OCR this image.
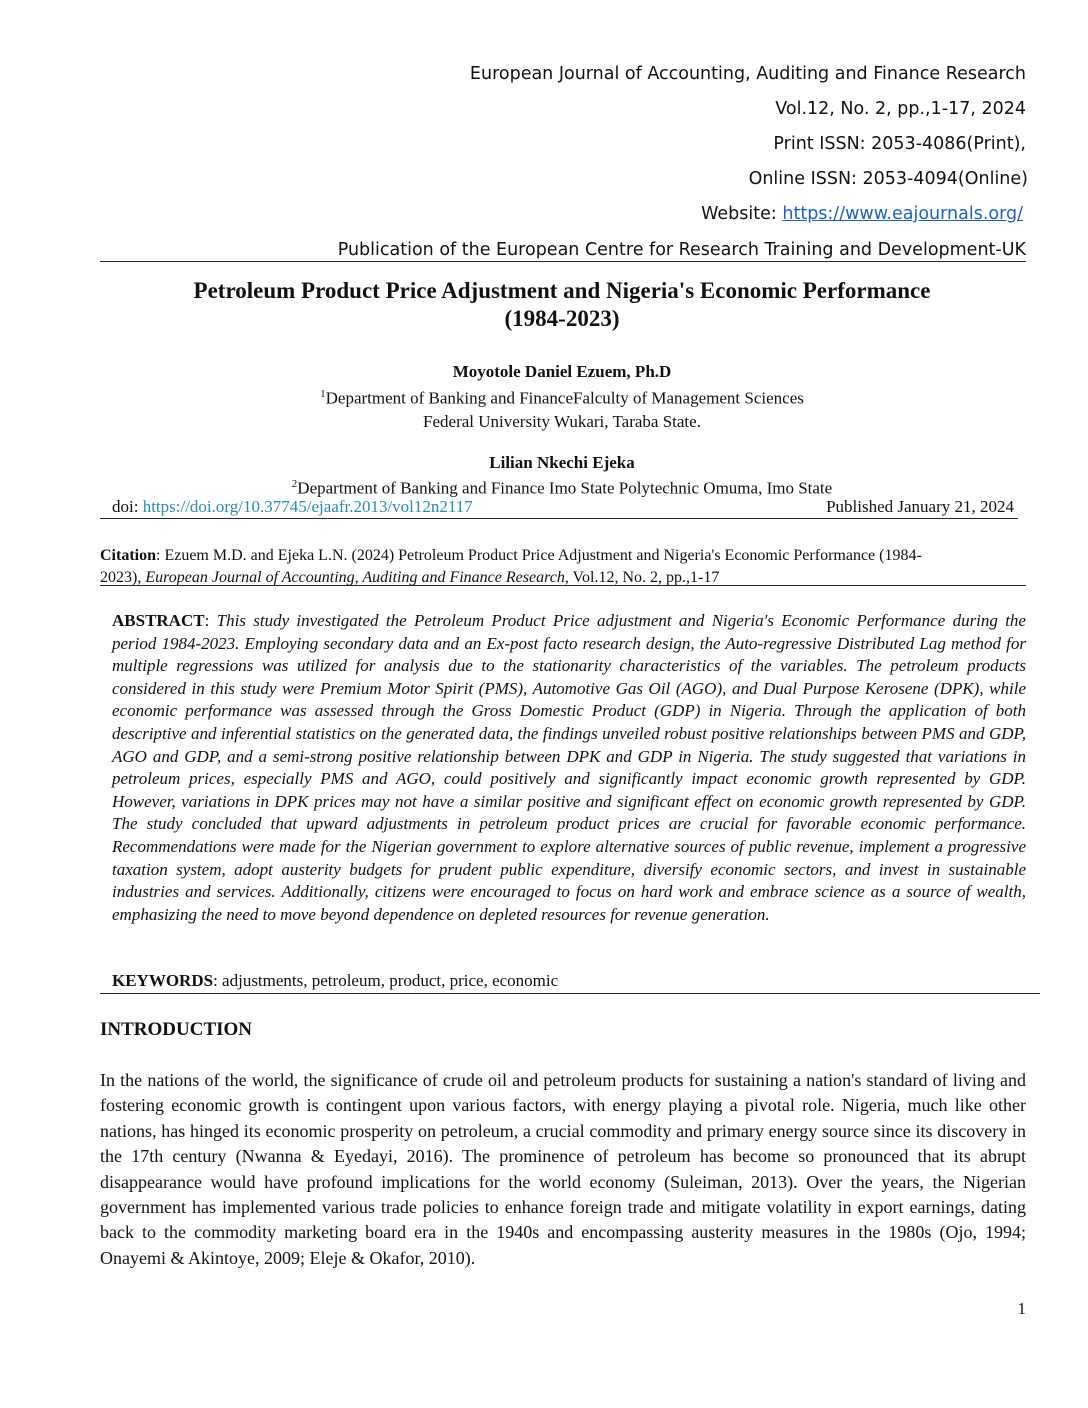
European Journal of Accounting, Auditing and Finance Research
Vol.12, No. 2, pp.,1-17, 2024
Print ISSN: 2053-4086(Print),
Online ISSN: 2053-4094(Online)
Website: https://www.eajournals.org/
Publication of the European Centre for Research Training and Development-UK
Petroleum Product Price Adjustment and Nigeria's Economic Performance
(1984-2023)
Moyotole Daniel Ezuem, Ph.D
$^1$Department of Banking and FinanceFalculty of Management Sciences
Federal University Wukari, Taraba State.
Lilian Nkechi Ejeka
$^2$Department of Banking and Finance Imo State Polytechnic Omuma, Imo State
doi: https://doi.org/10.37745/ejaafr.2013/vol12n2117	Published January 21, 2024
Citation: Ezuem M.D. and Ejeka L.N. (2024) Petroleum Product Price Adjustment and Nigeria's Economic Performance (1984-
2023), European Journal of Accounting, Auditing and Finance Research, Vol.12, No. 2, pp.,1-17
ABSTRACT: This study investigated the Petroleum Product Price adjustment and Nigeria's Economic Performance during the period 1984-2023. Employing secondary data and an Ex-post facto research design, the Auto-regressive Distributed Lag method for multiple regressions was utilized for analysis due to the stationarity characteristics of the variables. The petroleum products considered in this study were Premium Motor Spirit (PMS), Automotive Gas Oil (AGO), and Dual Purpose Kerosene (DPK), while economic performance was assessed through the Gross Domestic Product (GDP) in Nigeria. Through the application of both descriptive and inferential statistics on the generated data, the findings unveiled robust positive relationships between PMS and GDP, AGO and GDP, and a semi-strong positive relationship between DPK and GDP in Nigeria. The study suggested that variations in petroleum prices, especially PMS and AGO, could positively and significantly impact economic growth represented by GDP. However, variations in DPK prices may not have a similar positive and significant effect on economic growth represented by GDP. The study concluded that upward adjustments in petroleum product prices are crucial for favorable economic performance. Recommendations were made for the Nigerian government to explore alternative sources of public revenue, implement a progressive taxation system, adopt austerity budgets for prudent public expenditure, diversify economic sectors, and invest in sustainable industries and services. Additionally, citizens were encouraged to focus on hard work and embrace science as a source of wealth, emphasizing the need to move beyond dependence on depleted resources for revenue generation.
KEYWORDS: adjustments, petroleum, product, price, economic
INTRODUCTION
In the nations of the world, the significance of crude oil and petroleum products for sustaining a nation's standard of living and fostering economic growth is contingent upon various factors, with energy playing a pivotal role. Nigeria, much like other nations, has hinged its economic prosperity on petroleum, a crucial commodity and primary energy source since its discovery in the 17th century (Nwanna & Eyedayi, 2016). The prominence of petroleum has become so pronounced that its abrupt disappearance would have profound implications for the world economy (Suleiman, 2013). Over the years, the Nigerian government has implemented various trade policies to enhance foreign trade and mitigate volatility in export earnings, dating back to the commodity marketing board era in the 1940s and encompassing austerity measures in the 1980s (Ojo, 1994; Onayemi & Akintoye, 2009; Eleje & Okafor, 2010).
1
